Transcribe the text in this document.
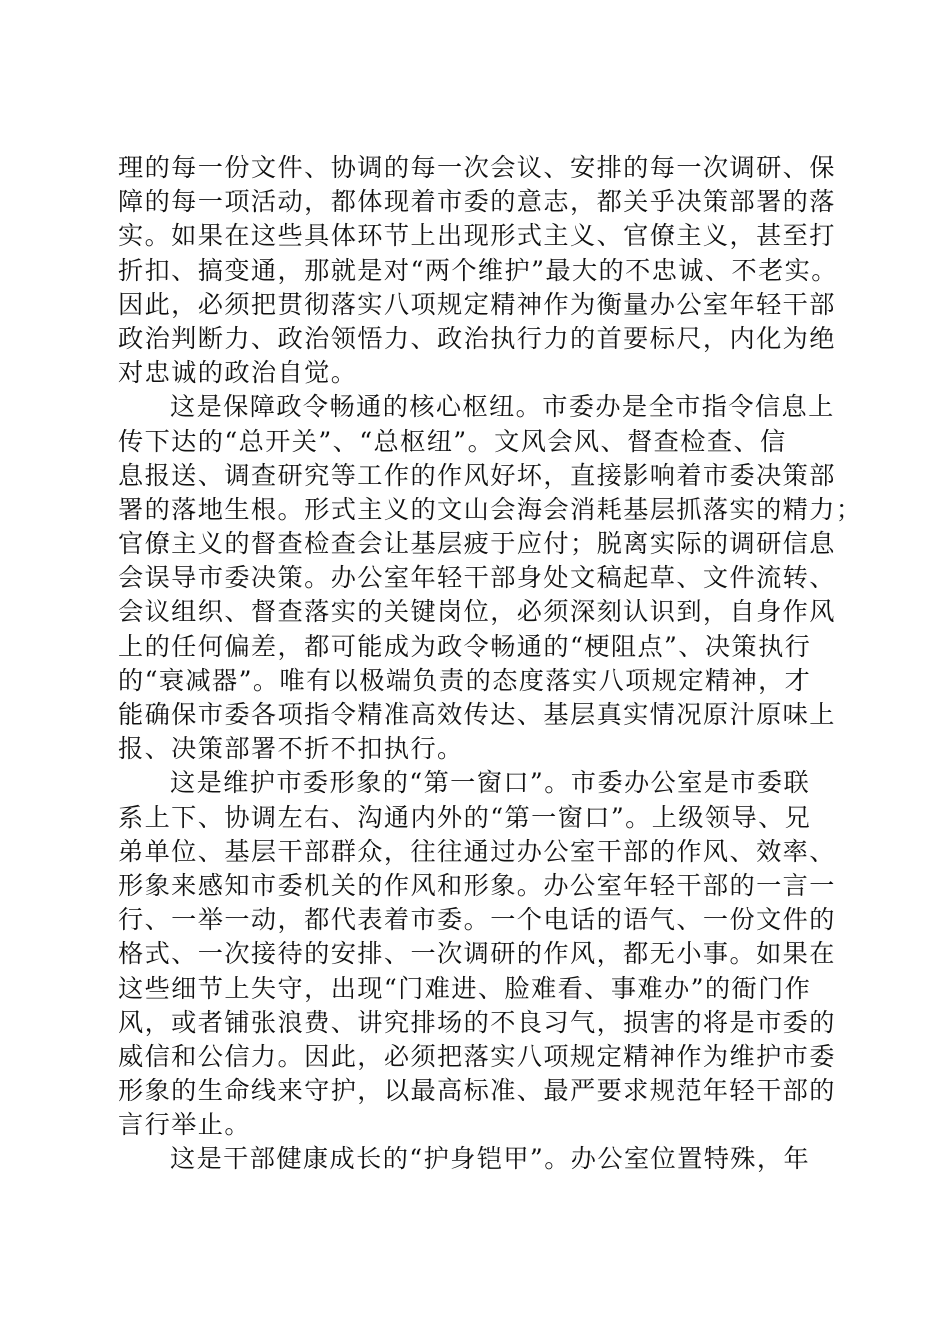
理的每一份文件、协调的每一次会议、安排的每一次调研、保
障的每一项活动，都体现着市委的意志，都关乎决策部署的落
实。如果在这些具体环节上出现形式主义、官僚主义，甚至打
折扣、搞变通，那就是对“两个维护”最大的不忠诚、不老实。
因此，必须把贯彻落实八项规定精神作为衡量办公室年轻干部
政治判断力、政治领悟力、政治执行力的首要标尺，内化为绝
对忠诚的政治自觉。
这是保障政令畅通的核心枢纽。市委办是全市指令信息上
传下达的“总开关”、“总枢纽”。文风会风、督查检查、信
息报送、调查研究等工作的作风好坏，直接影响着市委决策部
署的落地生根。形式主义的文山会海会消耗基层抓落实的精力；
官僚主义的督查检查会让基层疲于应付；脱离实际的调研信息
会误导市委决策。办公室年轻干部身处文稿起草、文件流转、
会议组织、督查落实的关键岗位，必须深刻认识到，自身作风
上的任何偏差，都可能成为政令畅通的“梗阻点”、决策执行
的“衰减器”。唯有以极端负责的态度落实八项规定精神，才
能确保市委各项指令精准高效传达、基层真实情况原汁原味上
报、决策部署不折不扣执行。
这是维护市委形象的“第一窗口”。市委办公室是市委联
系上下、协调左右、沟通内外的“第一窗口”。上级领导、兄
弟单位、基层干部群众，往往通过办公室干部的作风、效率、
形象来感知市委机关的作风和形象。办公室年轻干部的一言一
行、一举一动，都代表着市委。一个电话的语气、一份文件的
格式、一次接待的安排、一次调研的作风，都无小事。如果在
这些细节上失守，出现“门难进、脸难看、事难办”的衙门作
风，或者铺张浪费、讲究排场的不良习气，损害的将是市委的
威信和公信力。因此，必须把落实八项规定精神作为维护市委
形象的生命线来守护，以最高标准、最严要求规范年轻干部的
言行举止。
这是干部健康成长的“护身铠甲”。办公室位置特殊，年
